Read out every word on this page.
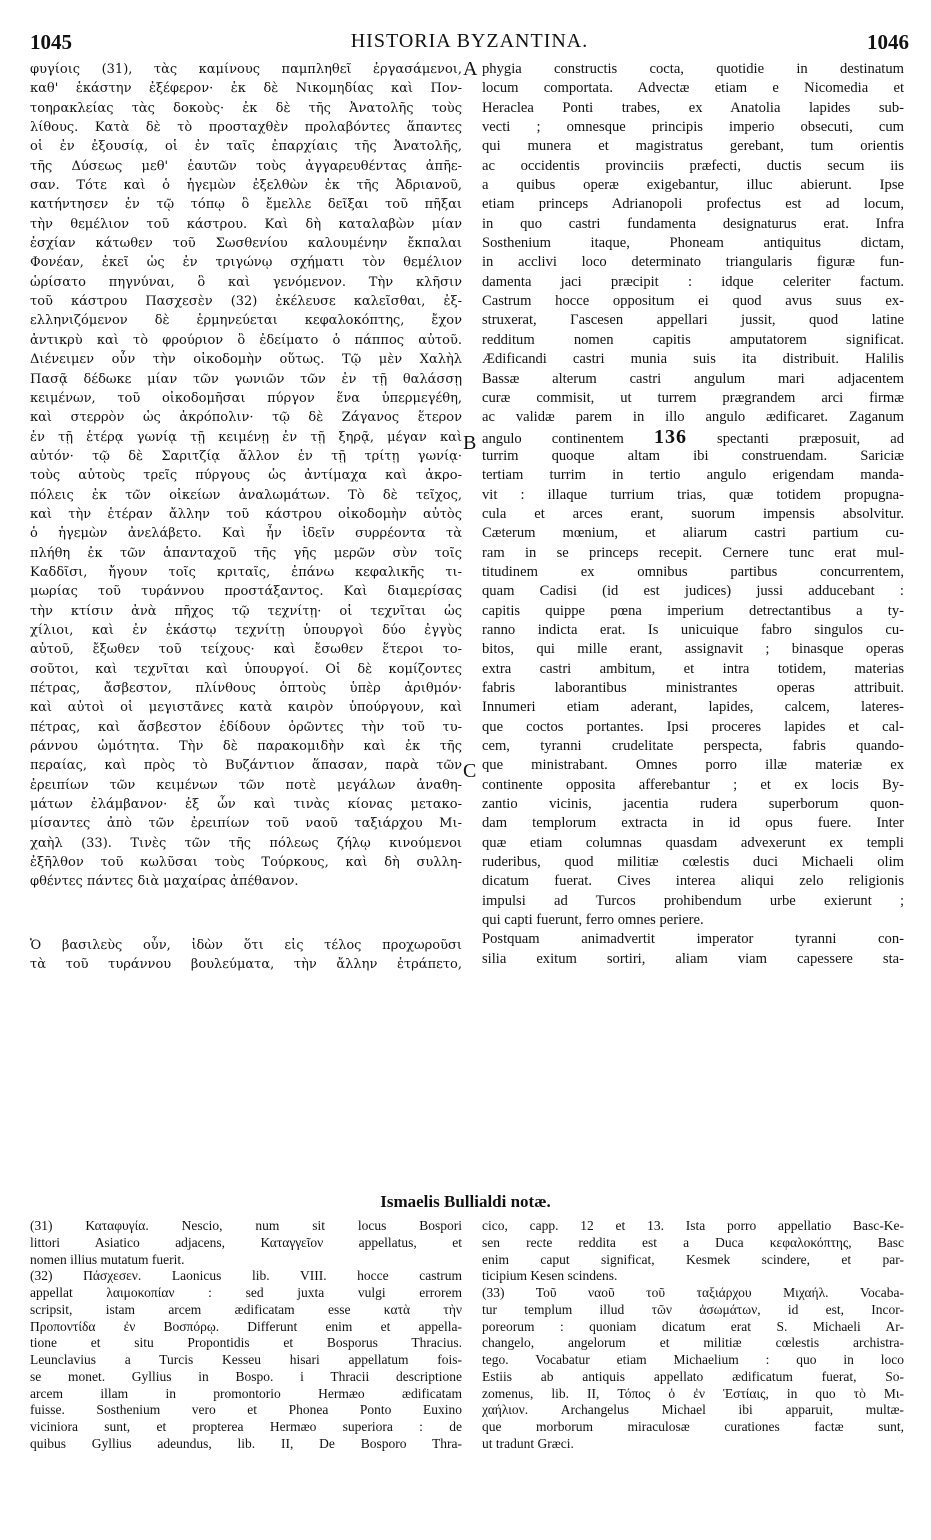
1045	HISTORIA BYZANTINA.	1046
A
B
C
φυγίοις (31), τὰς καμίνους παμπληθεῖ ἐργασάμενοι,
καθ' ἑκάστην ἐξέφερον· ἐκ δὲ Νικομηδίας καὶ Πον-
τοηρακλείας τὰς δοκοὺς· ἐκ δὲ τῆς Ἀνατολῆς τοὺς
λίθους. Κατὰ δὲ τὸ προσταχθὲν προλαβόντες ἅπαντες
οἱ ἐν ἐξουσίᾳ, οἱ ἐν ταῖς ἐπαρχίαις τῆς Ἀνατολῆς,
τῆς Δύσεως μεθ' ἑαυτῶν τοὺς ἀγγαρευθέντας ἀπῆε-
σαν. Τότε καὶ ὁ ἡγεμὼν ἐξελθὼν ἐκ τῆς Ἀδριανοῦ,
κατήντησεν ἐν τῷ τόπῳ ὃ ἔμελλε δεῖξαι τοῦ πῆξαι
τὴν θεμέλιον τοῦ κάστρου. Καὶ δὴ καταλαβὼν μίαν
ἐσχίαν κάτωθεν τοῦ Σωσθενίου καλουμένην ἔκπαλαι
Φονέαν, ἐκεῖ ὡς ἐν τριγώνῳ σχήματι τὸν θεμέλιον
ὡρίσατο πηγνύναι, ὃ καὶ γενόμενον. Τὴν κλῆσιν
τοῦ κάστρου Πασχεσὲν (32) ἐκέλευσε καλεῖσθαι, ἐξ-
ελληνιζόμενον δὲ ἑρμηνεύεται κεφαλοκόπτης, ἔχον
ἀντικρὺ καὶ τὸ φρούριον ὃ ἐδείματο ὁ πάππος αὐτοῦ.
Διένειμεν οὖν τὴν οἰκοδομὴν οὕτως. Τῷ μὲν Χαλὴλ
Πασᾷ δέδωκε μίαν τῶν γωνιῶν τῶν ἐν τῇ θαλάσσῃ
κειμένων, τοῦ οἰκοδομῆσαι πύργον ἕνα ὑπερμεγέθη,
καὶ στερρὸν ὡς ἀκρόπολιν· τῷ δὲ Ζάγανος ἕτερον
ἐν τῇ ἑτέρᾳ γωνίᾳ τῇ κειμένῃ ἐν τῇ ξηρᾷ, μέγαν καὶ
αὐτόν· τῷ δὲ Σαριτζίᾳ ἄλλον ἐν τῇ τρίτῃ γωνίᾳ·
τοὺς αὐτοὺς τρεῖς πύργους ὡς ἀντίμαχα καὶ ἀκρο-
πόλεις ἐκ τῶν οἰκείων ἀναλωμάτων. Τὸ δὲ τεῖχος,
καὶ τὴν ἑτέραν ἄλλην τοῦ κάστρου οἰκοδομὴν αὐτὸς
ὁ ἡγεμὼν ἀνελάβετο. Καὶ ἦν ἰδεῖν συρρέοντα τὰ
πλήθη ἐκ τῶν ἁπανταχοῦ τῆς γῆς μερῶν σὺν τοῖς
Καδδῖσι, ἤγουν τοῖς κριταῖς, ἐπάνω κεφαλικῆς τι-
μωρίας τοῦ τυράννου προστάξαντος. Καὶ διαμερίσας
τὴν κτίσιν ἀνὰ πῆχος τῷ τεχνίτῃ· οἱ τεχνῖται ὡς
χίλιοι, καὶ ἐν ἑκάστῳ τεχνίτῃ ὑπουργοὶ δύο ἐγγὺς
αὐτοῦ, ἔξωθεν τοῦ τείχους· καὶ ἔσωθεν ἕτεροι το-
σοῦτοι, καὶ τεχνῖται καὶ ὑπουργοί. Οἱ δὲ κομίζοντες
πέτρας, ἄσβεστον, πλίνθους ὁπτοὺς ὑπὲρ ἀριθμόν·
καὶ αὐτοὶ οἱ μεγιστᾶνες κατὰ καιρὸν ὑπούργουν, καὶ
πέτρας, καὶ ἄσβεστον ἐδίδουν ὁρῶντες τὴν τοῦ τυ-
ράννου ὠμότητα. Τὴν δὲ παρακομιδὴν καὶ ἐκ τῆς
περαίας, καὶ πρὸς τὸ Βυζάντιον ἅπασαν, παρὰ τῶν
ἐρειπίων τῶν κειμένων τῶν ποτὲ μεγάλων ἀναθη-
μάτων ἐλάμβανον· ἐξ ὧν καὶ τινὰς κίονας μετακο-
μίσαντες ἀπὸ τῶν ἐρειπίων τοῦ ναοῦ ταξιάρχου Μι-
χαὴλ (33). Τινὲς τῶν τῆς πόλεως ζήλῳ κινούμενοι
ἐξῆλθον τοῦ κωλῦσαι τοὺς Τούρκους, καὶ δὴ συλλη-
φθέντες πάντες διὰ μαχαίρας ἀπέθανον.
Ὁ βασιλεὺς οὖν, ἰδὼν ὅτι εἰς τέλος προχωροῦσι
τὰ τοῦ τυράννου βουλεύματα, τὴν ἄλλην ἐτράπετο,
phygia constructis cocta, quotidie in destinatum
locum comportata. Advectæ etiam e Nicomedia et
Heraclea Ponti trabes, ex Anatolia lapides sub-
vecti ; omnesque principis imperio obsecuti, cum
qui munera et magistratus gerebant, tum orientis
ac occidentis provinciis præfecti, ductis secum iis
a quibus operæ exigebantur, illuc abierunt. Ipse
etiam princeps Adrianopoli profectus est ad locum,
in quo castri fundamenta designaturus erat. Infra
Sosthenium itaque, Phoneam antiquitus dictam,
in acclivi loco determinato triangularis figuræ fun-
damenta jaci præcipit : idque celeriter factum.
Castrum hocce oppositum ei quod avus suus ex-
struxerat, Γascesen appellari jussit, quod latine
redditum nomen capitis amputatorem significat.
Ædificandi castri munia suis ita distribuit. Halilis
Bassæ alterum castri angulum mari adjacentem
curæ commisit, ut turrem prægrandem arci firmæ
ac validæ parem in illo angulo ædificaret. Zaganum
angulo continentem 136 spectanti præposuit, ad
turrim quoque altam ibi construendam. Sariciæ
tertiam turrim in tertio angulo erigendam manda-
vit : illaque turrium trias, quæ totidem propugna-
cula et arces erant, suorum impensis absolvitur.
Cæterum mœnium, et aliarum castri partium cu-
ram in se princeps recepit. Cernere tunc erat mul-
titudinem ex omnibus partibus concurrentem,
quam Cadisi (id est judices) jussi adducebant :
capitis quippe pœna imperium detrectantibus a ty-
ranno indicta erat. Is unicuique fabro singulos cu-
bitos, qui mille erant, assignavit ; binasque operas
extra castri ambitum, et intra totidem, materias
fabris laborantibus ministrantes operas attribuit.
Innumeri etiam aderant, lapides, calcem, lateres-
que coctos portantes. Ipsi proceres lapides et cal-
cem, tyranni crudelitate perspecta, fabris quando-
que ministrabant. Omnes porro illæ materiæ ex
continente opposita afferebantur ; et ex locis By-
zantio vicinis, jacentia rudera superborum quon-
dam templorum extracta in id opus fuere. Inter
quæ etiam columnas quasdam advexerunt ex templi
ruderibus, quod militiæ cœlestis duci Michaeli olim
dicatum fuerat. Cives interea aliqui zelo religionis
impulsi ad Turcos prohibendum urbe exierunt ;
qui capti fuerunt, ferro omnes periere.
Postquam animadvertit imperator tyranni con-
silia exitum sortiri, aliam viam capessere sta-
Ismaelis Bullialdi notæ.
(31) Καταφυγία. Nescio, num sit locus Bospori
littori Asiatico adjacens, Καταγγεῖον appellatus, et
nomen illius mutatum fuerit.
(32) Πάσχεσεν. Laonicus lib. VIII. hocce castrum
appellat λαιμοκοπίαν : sed juxta vulgi errorem
scripsit, istam arcem ædificatam esse κατὰ τὴν
Προποντίδα ἐν Βοσπόρῳ. Differunt enim et appella-
tione et situ Propontidis et Bosporus Thracius.
Leunclavius a Turcis Kesseu hisari appellatum fois-
se monet. Gyllius in Bospo. i Thracii descriptione
arcem illam in promontorio Hermæo ædificatam
fuisse. Sosthenium vero et Phonea Ponto Euxino
viciniora sunt, et propterea Hermæo superiora : de
quibus Gyllius adeundus, lib. II, De Bosporo Thra-
cico, capp. 12 et 13. Ista porro appellatio Basc-Ke-
sen recte reddita est a Duca κεφαλοκόπτης, Basc
enim caput significat, Kesmek scindere, et par-
ticipium Kesen scindens.
(33) Τοῦ ναοῦ τοῦ ταξιάρχου Μιχαήλ. Vocaba-
tur templum illud τῶν ἀσωμάτων, id est, Incor-
poreorum : quoniam dicatum erat S. Michaeli Ar-
changelo, angelorum et militiæ cœlestis archistra-
tego. Vocabatur etiam Michaelium : quo in loco
Estiis ab antiquis appellato ædificatum fuerat, So-
zomenus, lib. II, Τόπος ὁ ἐν Ἑστίαις, in quo τὸ Μι-
χαήλιον. Archangelus Michael ibi apparuit, multæ-
que morborum miraculosæ curationes factæ sunt,
ut tradunt Græci.
